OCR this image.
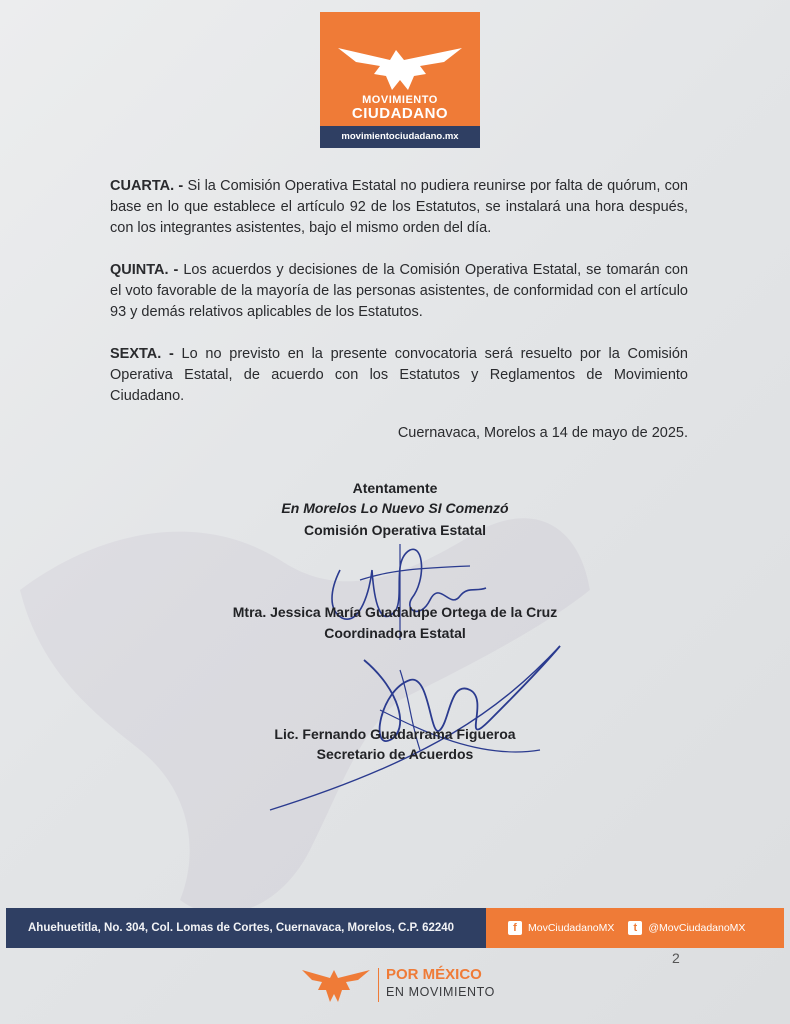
MOVIMIENTO
CIUDADANO
movimientociudadano.mx
CUARTA. - Si la Comisión Operativa Estatal no pudiera reunirse por falta de quórum, con base en lo que establece el artículo 92 de los Estatutos, se instalará una hora después, con los integrantes asistentes, bajo el mismo orden del día.
QUINTA. - Los acuerdos y decisiones de la Comisión Operativa Estatal, se tomarán con el voto favorable de la mayoría de las personas asistentes, de conformidad con el artículo 93 y demás relativos aplicables de los Estatutos.
SEXTA. - Lo no previsto en la presente convocatoria será resuelto por la Comisión Operativa Estatal, de acuerdo con los Estatutos y Reglamentos de Movimiento Ciudadano.
Cuernavaca, Morelos a 14 de mayo de 2025.
Atentamente
En Morelos Lo Nuevo SI Comenzó
Comisión Operativa Estatal
Mtra. Jessica María Guadalupe Ortega de la Cruz
Coordinadora Estatal
Lic. Fernando Guadarrama Figueroa
Secretario de Acuerdos
Ahuehuetitla, No. 304, Col. Lomas de Cortes, Cuernavaca, Morelos, C.P. 62240	f	MovCiudadanoMX	t	@MovCiudadanoMX
2
POR MÉXICO
EN MOVIMIENTO
